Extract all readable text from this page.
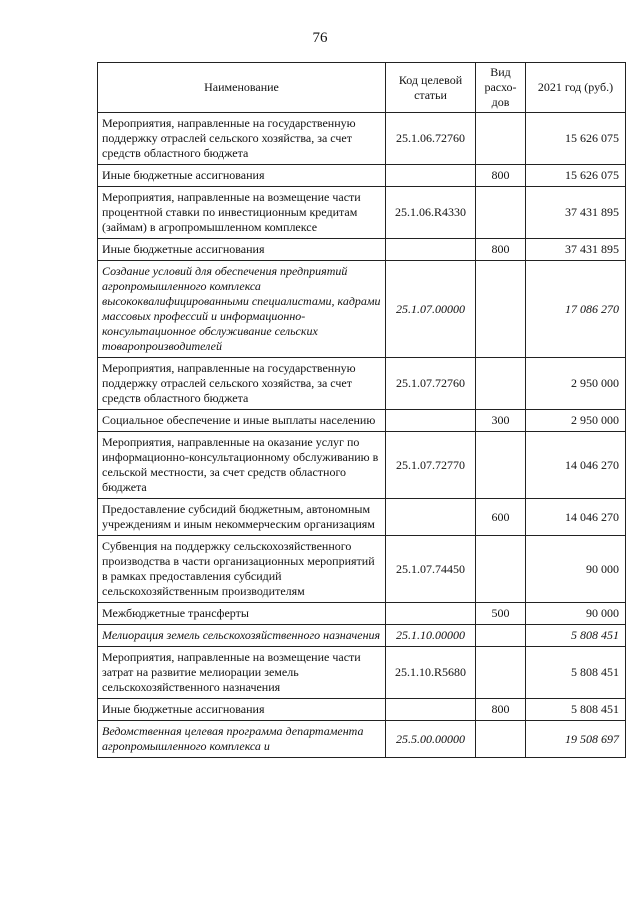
76
Наименование	Код целевой статьи	Вид расхо-дов	2021 год (руб.)
Мероприятия, направленные на государственную поддержку отраслей сельского хозяйства, за счет средств областного бюджета	25.1.06.72760		15 626 075
Иные бюджетные ассигнования		800	15 626 075
Мероприятия, направленные на возмещение части процентной ставки по инвестиционным кредитам (займам) в агропромышленном комплексе	25.1.06.R4330		37 431 895
Иные бюджетные ассигнования		800	37 431 895
Создание условий для обеспечения предприятий агропромышленного комплекса высококвалифицированными специалистами, кадрами массовых профессий и информационно-консультационное обслуживание сельских товаропроизводителей	25.1.07.00000		17 086 270
Мероприятия, направленные на государственную поддержку отраслей сельского хозяйства, за счет средств областного бюджета	25.1.07.72760		2 950 000
Социальное обеспечение и иные выплаты населению		300	2 950 000
Мероприятия, направленные на оказание услуг по информационно-консультационному обслуживанию в сельской местности, за счет средств областного бюджета	25.1.07.72770		14 046 270
Предоставление субсидий бюджетным, автономным учреждениям и иным некоммерческим организациям		600	14 046 270
Субвенция на поддержку сельскохозяйственного производства в части организационных мероприятий в рамках предоставления субсидий сельскохозяйственным производителям	25.1.07.74450		90 000
Межбюджетные трансферты		500	90 000
Мелиорация земель сельскохозяйственного назначения	25.1.10.00000		5 808 451
Мероприятия, направленные на возмещение части затрат на развитие мелиорации земель сельскохозяйственного назначения	25.1.10.R5680		5 808 451
Иные бюджетные ассигнования		800	5 808 451
Ведомственная целевая программа департамента агропромышленного комплекса и	25.5.00.00000		19 508 697
